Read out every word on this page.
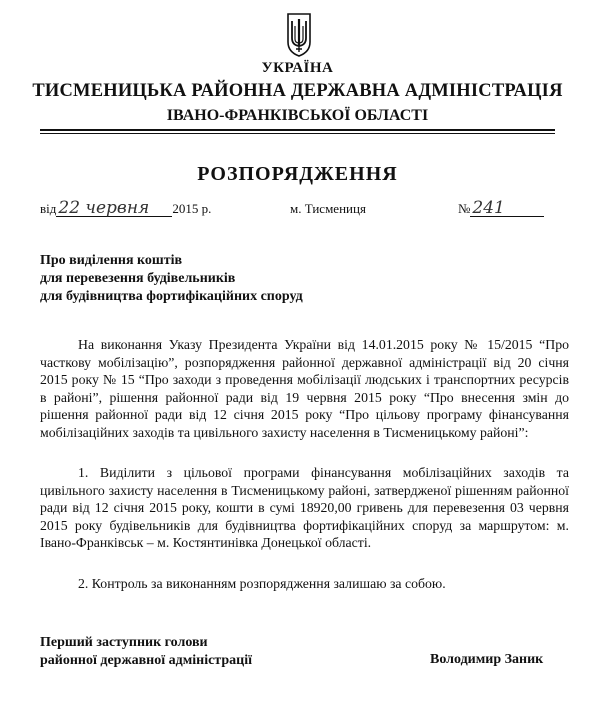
УКРАЇНА
ТИСМЕНИЦЬКА РАЙОННА ДЕРЖАВНА АДМІНІСТРАЦІЯ
ІВАНО-ФРАНКІВСЬКОЇ ОБЛАСТІ
РОЗПОРЯДЖЕННЯ
від 22 червня 2015 р.	м. Тисмениця	№ 241
Про виділення коштів
для перевезення будівельників
для будівництва фортифікаційних споруд
На виконання Указу Президента України від 14.01.2015 року № 15/2015 “Про часткову мобілізацію”, розпорядження районної державної адміністрації від 20 січня 2015 року № 15 “Про заходи з проведення мобілізації людських і транспортних ресурсів в районі”, рішення районної ради від 19 червня 2015 року “Про внесення змін до рішення районної ради від 12 січня 2015 року “Про цільову програму фінансування мобілізаційних заходів та цивільного захисту населення в Тисменицькому районі”:
1. Виділити з цільової програми фінансування мобілізаційних заходів та цивільного захисту населення в Тисменицькому районі, затвердженої рішенням районної ради від 12 січня 2015 року, кошти в сумі 18920,00 гривень для перевезення 03 червня 2015 року будівельників для будівництва фортифікаційних споруд за маршрутом: м. Івано-Франківськ – м. Костянтинівка Донецької області.
2. Контроль за виконанням розпорядження залишаю за собою.
Перший заступник голови
районної державної адміністрації	Володимир Заник
